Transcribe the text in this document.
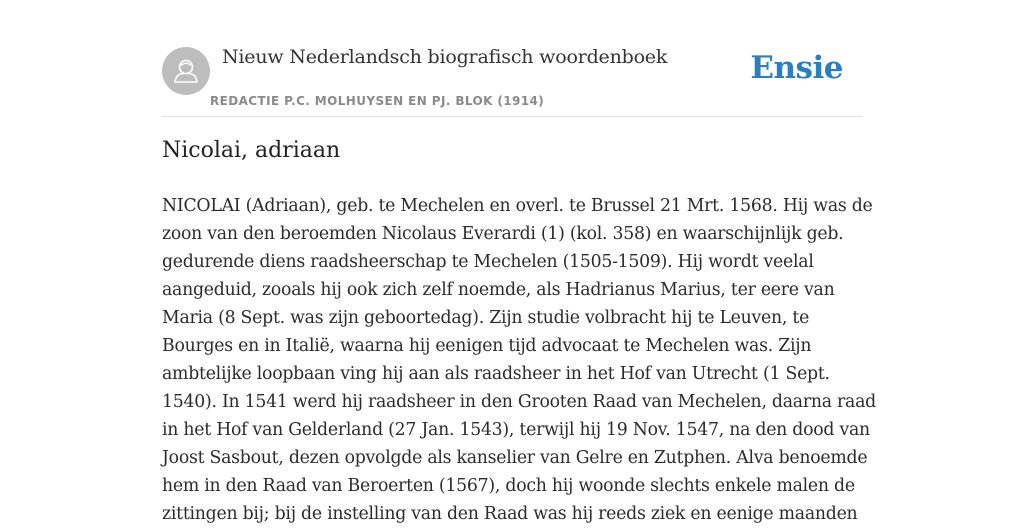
Nieuw Nederlandsch biografisch woordenboek
REDACTIE P.C. MOLHUYSEN EN PJ. BLOK (1914)
Ensie
Nicolai, adriaan

NICOLAI (Adriaan), geb. te Mechelen en overl. te Brussel 21 Mrt. 1568. Hij was de
zoon van den beroemden Nicolaus Everardi (1) (kol. 358) en waarschijnlijk geb.
gedurende diens raadsheerschap te Mechelen (1505-1509). Hij wordt veelal
aangeduid, zooals hij ook zich zelf noemde, als Hadrianus Marius, ter eere van
Maria (8 Sept. was zijn geboortedag). Zijn studie volbracht hij te Leuven, te
Bourges en in Italië, waarna hij eenigen tijd advocaat te Mechelen was. Zijn
ambtelijke loopbaan ving hij aan als raadsheer in het Hof van Utrecht (1 Sept.
1540). In 1541 werd hij raadsheer in den Grooten Raad van Mechelen, daarna raad
in het Hof van Gelderland (27 Jan. 1543), terwijl hij 19 Nov. 1547, na den dood van
Joost Sasbout, dezen opvolgde als kanselier van Gelre en Zutphen. Alva benoemde
hem in den Raad van Beroerten (1567), doch hij woonde slechts enkele malen de
zittingen bij; bij de instelling van den Raad was hij reeds ziek en eenige maanden
